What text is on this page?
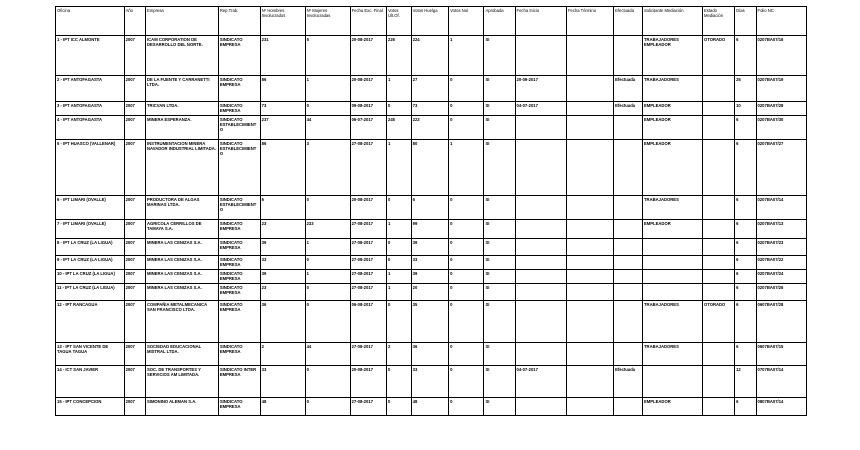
Oficina	Año	Empresa	Rep.Trab.	Nº Hombres Involucrados	Nº Mujeres Involucradas	Fecha Exc. Final	Votos Ult.Of.	Votos Huelga	Votos Nul	Aprobada	Fecha Inicio	Fecha Término	Efectuada	Solicitante Mediación	Estado Mediación	Días	Folio NC
1 - IPT ICC ALMONTE	2007	ICAM CORPORATION DE DESARROLLO DEL NORTE.	SINDICATO EMPRESA	231	5	20-08-2017	226	224	1	SI				TRABAJADORES EMPLEADOR	OTORADO	6	0207BA07/16
2 - IPT ANTOFAGASTA	2007	DE LA FUENTE Y CARRANETTI LTDA.	SINDICATO EMPRESA	86	1	20-08-2017	1	27	0	SI	20-09-2017		Efectuada	TRABAJADORES		25	0207BA07/19
3 - IPT ANTOFAGASTA	2007	TRICVAN LTDA.	SINDICATO EMPRESA	73	0	09-08-2017	0	73	0	SI	04-07-2017		Efectuada	EMPLEADOR		10	0207BA07/28
4 - IPT ANTOFAGASTA	2007	MINERA ESPERANZA.	SINDICATO ESTABLECIMIENTO	237	44	06-07-2017	245	223	0	SI				EMPLEADOR		6	0207BA07/30
5 - IPT HUASCO (VALLENAR)	2007	INSTRUMENTACION MINERA NAVADOR INDUSTRIAL LIMITADA.	SINDICATO ESTABLECIMIENTO	86	3	27-08-2017	1	80	1	SI				EMPLEADOR		6	0207BA07/27
6 - IPT LIMARI (OVALLE)	2007	PRODUCTORA DE ALGAS MARINAS LTDA.	SINDICATO ESTABLECIMIENTO	6	0	20-08-2017	0	6	0	SI				TRABAJADORES		6	0207BA07/14
7 - IPT LIMARI (OVALLE)	2007	AGRICOLA CERRILLOS DE TAMAYA S.A.	SINDICATO EMPRESA	23	233	27-08-2017	1	99	0	SI				EMPLEADOR		6	0207BA07/13
8 - IPT LA CRUZ (LA LIGUA)	2007	MINERA LAS CENIZAS S.A.	SINDICATO EMPRESA	39	1	27-08-2017	0	39	0	SI						6	0207BA07/23
9 - IPT LA CRUZ (LA LIGUA)	2007	MINERA LAS CENIZAS S.A.	SINDICATO EMPRESA	33	0	27-08-2017	0	33	0	SI						6	0207BA07/22
10 - IPT LA CRUZ (LA LIGUA)	2007	MINERA LAS CENIZAS S.A.	SINDICATO EMPRESA	39	1	27-08-2017	1	39	0	SI						6	0207BA07/24
11 - IPT LA CRUZ (LA LIGUA)	2007	MINERA LAS CENIZAS S.A.	SINDICATO EMPRESA	23	0	27-08-2017	1	20	0	SI						6	0207BA07/26
12 - IPT RANCAGUA	2007	COMPAÑIA METALMECANICA SAN FRANCISCO LTDA.	SINDICATO EMPRESA	36	0	06-08-2017	0	35	0	SI				TRABAJADORES	OTORADO	6	0607BA07/28
13 - IPT SAN VICENTE DE TAGUA TAGUA	2007	SOCIEDAD EDUCACIONAL MISTRAL LTDA.	SINDICATO EMPRESA	2	44	27-08-2017	2	36	0	SI				TRABAJADORES		6	0607BA07/15
14 - ICT SAN JAVIER	2007	SOC. DE TRANSPORTES Y SERVICIOS AM LIMITADA.	SINDICATO INTER EMPRESA	33	0	20-08-2017	0	33	0	SI	04-07-2017		Efectuada			12	0707BA07/14
15 - IPT CONCEPCION	2007	SIMONINO ALEMAN S.A.	SINDICATO EMPRESA	48	0	27-08-2017	0	48	0	SI				EMPLEADOR		6	0807BA07/14
